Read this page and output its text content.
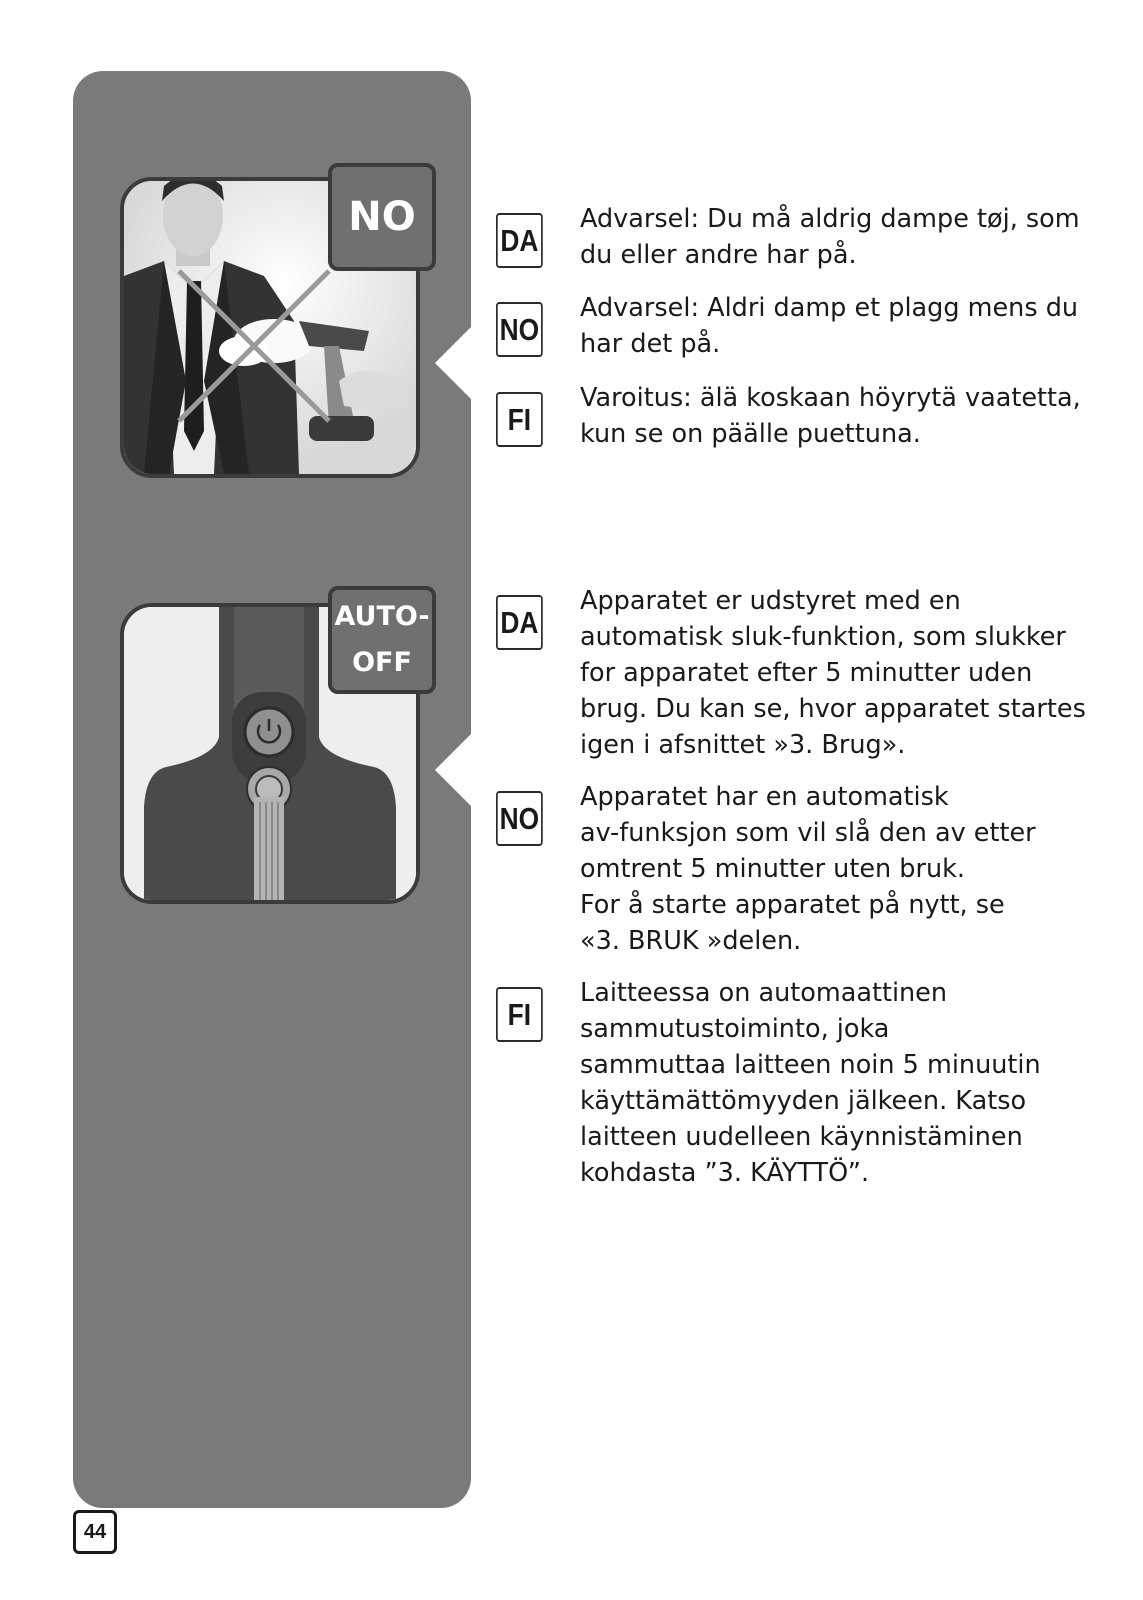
NO
AUTO-
OFF
DA
Advarsel: Du må aldrig dampe tøj, som
du eller andre har på.
NO
Advarsel: Aldri damp et plagg mens du
har det på.
FI
Varoitus: älä koskaan höyrytä vaatetta,
kun se on päälle puettuna.
DA
Apparatet er udstyret med en
automatisk sluk-funktion, som slukker
for apparatet efter 5 minutter uden
brug. Du kan se, hvor apparatet startes
igen i afsnittet »3. Brug».
NO
Apparatet har en automatisk
av-funksjon som vil slå den av etter
omtrent 5 minutter uten bruk.
For å starte apparatet på nytt, se
«3. BRUK »delen.
FI
Laitteessa on automaattinen
sammutustoiminto, joka
sammuttaa laitteen noin 5 minuutin
käyttämättömyyden jälkeen. Katso
laitteen uudelleen käynnistäminen
kohdasta ”3. KÄYTTÖ”.
44
